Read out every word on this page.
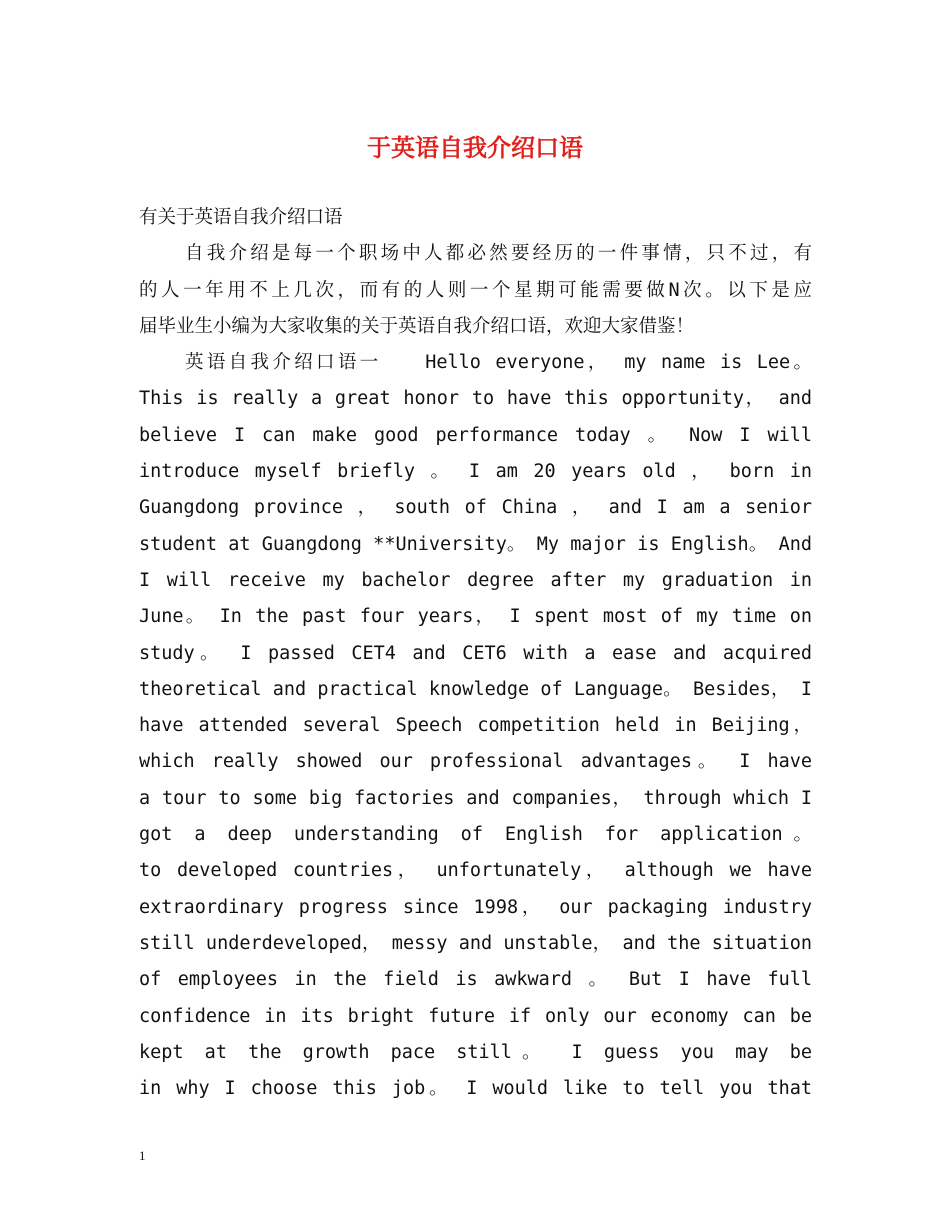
于英语自我介绍口语
有关于英语自我介绍口语
自我介绍是每一个职场中人都必然要经历的一件事情，只不过，有
的人一年用不上几次，而有的人则一个星期可能需要做N次。以下是应
届毕业生小编为大家收集的关于英语自我介绍口语，欢迎大家借鉴！
英语自我介绍口语一　　Hello everyone， my name is Lee。
This is really a great honor to have this opportunity， and
believe I can make good performance today 。 Now I will
introduce myself briefly 。 I am 20 years old ， born in
Guangdong province ， south of China ， and I am a senior
student at Guangdong **University。 My major is English。 And
I will receive my bachelor degree after my graduation in
June。 In the past four years， I spent most of my time on
study。 I passed CET4 and CET6 with a ease and acquired
theoretical and practical knowledge of Language。 Besides， I
have attended several Speech competition held in Beijing，
which really showed our professional advantages。 I have
a tour to some big factories and companies， through which I
got a deep understanding of English for application。
to developed countries， unfortunately， although we have
extraordinary progress since 1998， our packaging industry
still underdeveloped， messy and unstable， and the situation
of employees in the field is awkward 。 But I have full
confidence in its bright future if only our economy can be
kept at the growth pace still。 I guess you may be
in why I choose this job。 I would like to tell you that
1
